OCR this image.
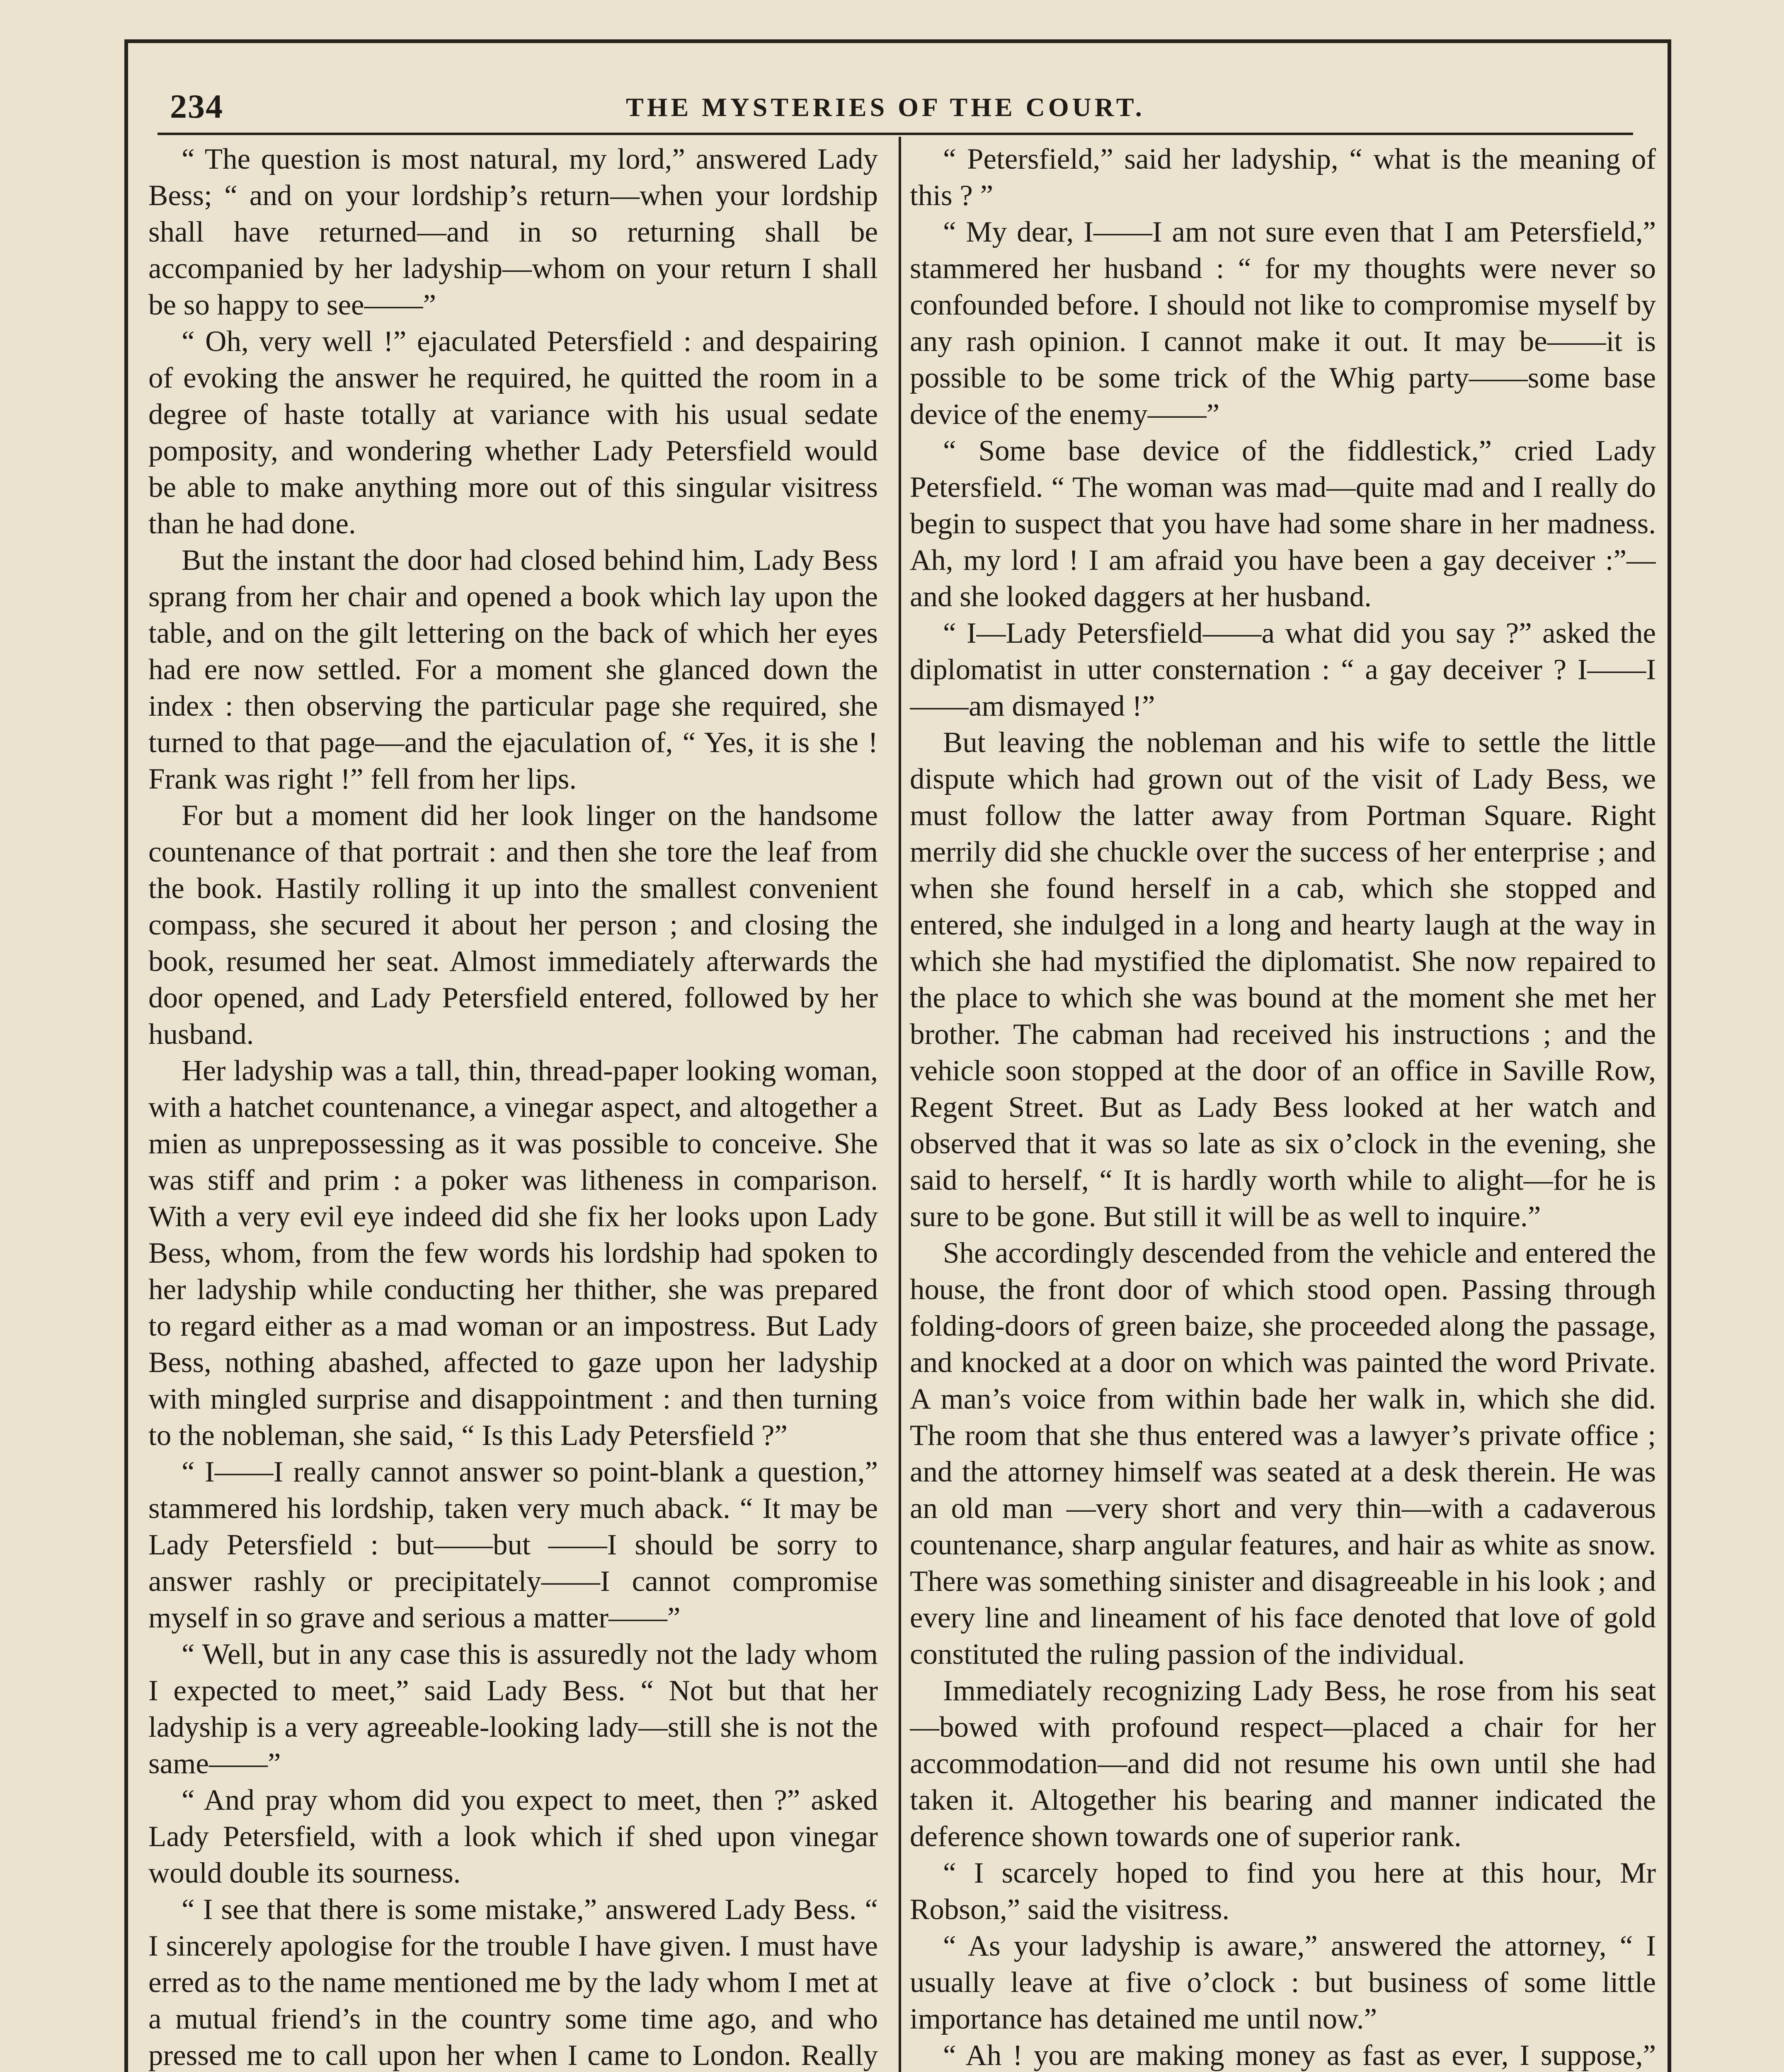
234	THE MYSTERIES OF THE COURT.

“ The question is most natural, my lord,” answered Lady Bess; “ and on your lordship’s return—when your lordship shall have returned—and in so returning shall be accompanied by her ladyship—whom on your return I shall be so happy to see——”

“ Oh, very well !” ejaculated Petersfield : and despairing of evoking the answer he required, he quitted the room in a degree of haste totally at variance with his usual sedate pomposity, and wondering whether Lady Petersfield would be able to make anything more out of this singular visitress than he had done.

But the instant the door had closed behind him, Lady Bess sprang from her chair and opened a book which lay upon the table, and on the gilt lettering on the back of which her eyes had ere now settled. For a moment she glanced down the index : then observing the particular page she required, she turned to that page—and the ejaculation of, “ Yes, it is she ! Frank was right !” fell from her lips.

For but a moment did her look linger on the handsome countenance of that portrait : and then she tore the leaf from the book. Hastily rolling it up into the smallest convenient compass, she secured it about her person ; and closing the book, resumed her seat. Almost immediately afterwards the door opened, and Lady Petersfield entered, followed by her husband.

Her ladyship was a tall, thin, thread-paper looking woman, with a hatchet countenance, a vinegar aspect, and altogether a mien as unprepossessing as it was possible to conceive. She was stiff and prim : a poker was litheness in comparison. With a very evil eye indeed did she fix her looks upon Lady Bess, whom, from the few words his lordship had spoken to her ladyship while conducting her thither, she was prepared to regard either as a mad woman or an impostress. But Lady Bess, nothing abashed, affected to gaze upon her ladyship with mingled surprise and disappointment : and then turning to the nobleman, she said, “ Is this Lady Petersfield ?”

“ I——I really cannot answer so point-blank a question,” stammered his lordship, taken very much aback. “ It may be Lady Petersfield : but——but ——I should be sorry to answer rashly or precipitately——I cannot compromise myself in so grave and serious a matter——”

“ Well, but in any case this is assuredly not the lady whom I expected to meet,” said Lady Bess. “ Not but that her ladyship is a very agreeable-looking lady—still she is not the same——”

“ And pray whom did you expect to meet, then ?” asked Lady Petersfield, with a look which if shed upon vinegar would double its sourness.

“ I see that there is some mistake,” answered Lady Bess. “ I sincerely apologise for the trouble I have given. I must have erred as to the name mentioned me by the lady whom I met at a mutual friend’s in the country some time ago, and who pressed me to call upon her when I came to London. Really

“ Petersfield,” said her ladyship, “ what is the meaning of this ? ”

“ My dear, I——I am not sure even that I am Petersfield,” stammered her husband : “ for my thoughts were never so confounded before. I should not like to compromise myself by any rash opinion. I cannot make it out. It may be——it is possible to be some trick of the Whig party——some base device of the enemy——”

“ Some base device of the fiddlestick,” cried Lady Petersfield. “ The woman was mad—quite mad and I really do begin to suspect that you have had some share in her madness. Ah, my lord ! I am afraid you have been a gay deceiver :”—and she looked daggers at her husband.

“ I—Lady Petersfield——a what did you say ?” asked the diplomatist in utter consternation : “ a gay deceiver ? I——I——am dismayed !”

But leaving the nobleman and his wife to settle the little dispute which had grown out of the visit of Lady Bess, we must follow the latter away from Portman Square. Right merrily did she chuckle over the success of her enterprise ; and when she found herself in a cab, which she stopped and entered, she indulged in a long and hearty laugh at the way in which she had mystified the diplomatist. She now repaired to the place to which she was bound at the moment she met her brother. The cabman had received his instructions ; and the vehicle soon stopped at the door of an office in Saville Row, Regent Street. But as Lady Bess looked at her watch and observed that it was so late as six o’clock in the evening, she said to herself, “ It is hardly worth while to alight—for he is sure to be gone. But still it will be as well to inquire.”

She accordingly descended from the vehicle and entered the house, the front door of which stood open. Passing through folding-doors of green baize, she proceeded along the passage, and knocked at a door on which was painted the word Private. A man’s voice from within bade her walk in, which she did. The room that she thus entered was a lawyer’s private office ; and the attorney himself was seated at a desk therein. He was an old man —very short and very thin—with a cadaverous countenance, sharp angular features, and hair as white as snow. There was something sinister and disagreeable in his look ; and every line and lineament of his face denoted that love of gold constituted the ruling passion of the individual.

Immediately recognizing Lady Bess, he rose from his seat—bowed with profound respect—placed a chair for her accommodation—and did not resume his own until she had taken it. Altogether his bearing and manner indicated the deference shown towards one of superior rank.

“ I scarcely hoped to find you here at this hour, Mr Robson,” said the visitress.

“ As your ladyship is aware,” answered the attorney, “ I usually leave at five o’clock : but business of some little importance has detained me until now.”

“ Ah ! you are making money as fast as ever, I suppose,”
